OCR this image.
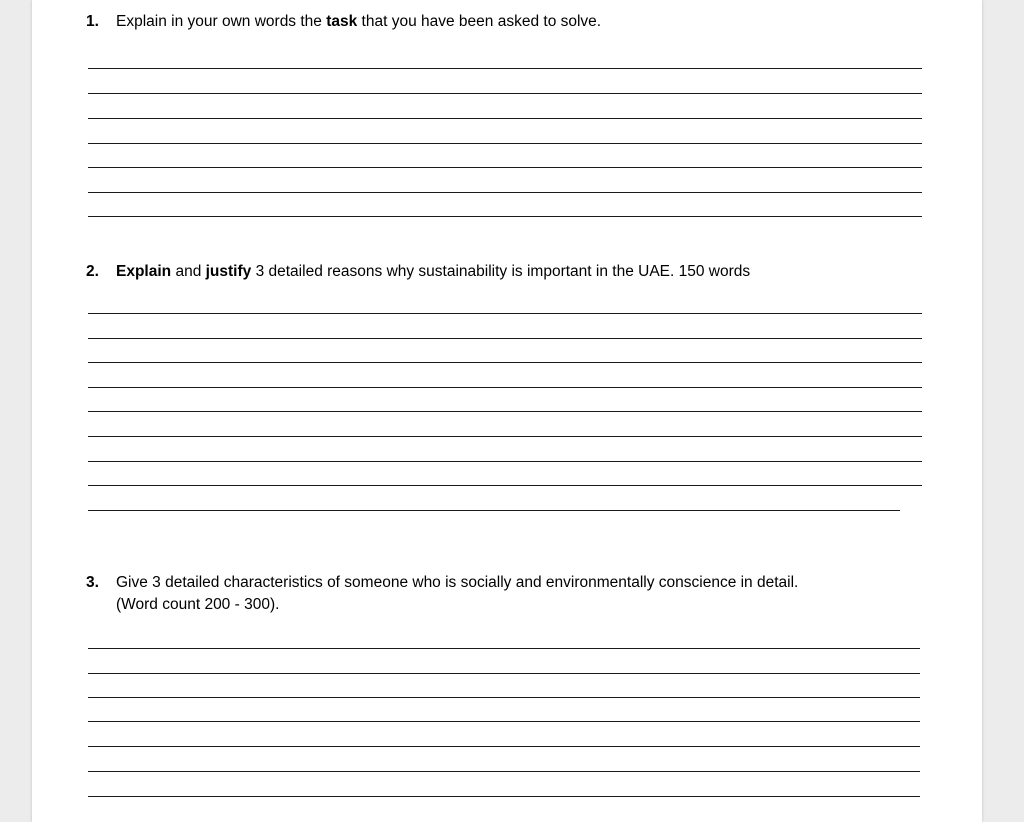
1. Explain in your own words the task that you have been asked to solve.
2. Explain and justify 3 detailed reasons why sustainability is important in the UAE. 150 words
3. Give 3 detailed characteristics of someone who is socially and environmentally conscience in detail.
(Word count 200 - 300).
